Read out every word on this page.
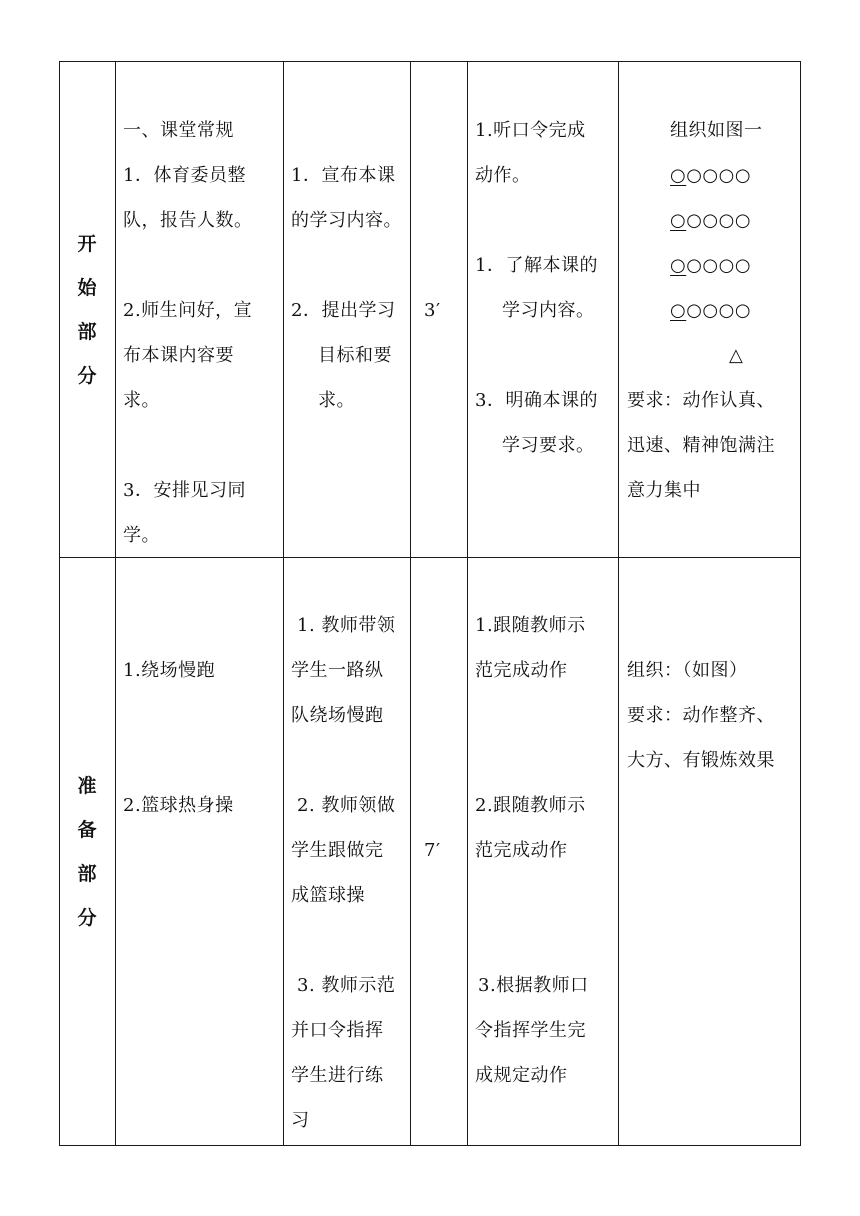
开
始
部
分
一、课堂常规
1．体育委员整
队，报告人数。
2.师生问好，宣
布本课内容要
求。
3．安排见习同
学。
1．宣布本课
的学习内容。
2．提出学习
目标和要
求。
3′
1.听口令完成
动作。
1．了解本课的
学习内容。
3．明确本课的
学习要求。
组织如图一
○○○○○
○○○○○
○○○○○
○○○○○
△
要求：动作认真、
迅速、精神饱满注
意力集中
准
备
部
分
1.绕场慢跑
2.篮球热身操
1. 教师带领
学生一路纵
队绕场慢跑
2. 教师领做
学生跟做完
成篮球操
3. 教师示范
并口令指挥
学生进行练
习
7′
1.跟随教师示
范完成动作
2.跟随教师示
范完成动作
3.根据教师口
令指挥学生完
成规定动作
组织：（如图）
要求：动作整齐、
大方、有锻炼效果
